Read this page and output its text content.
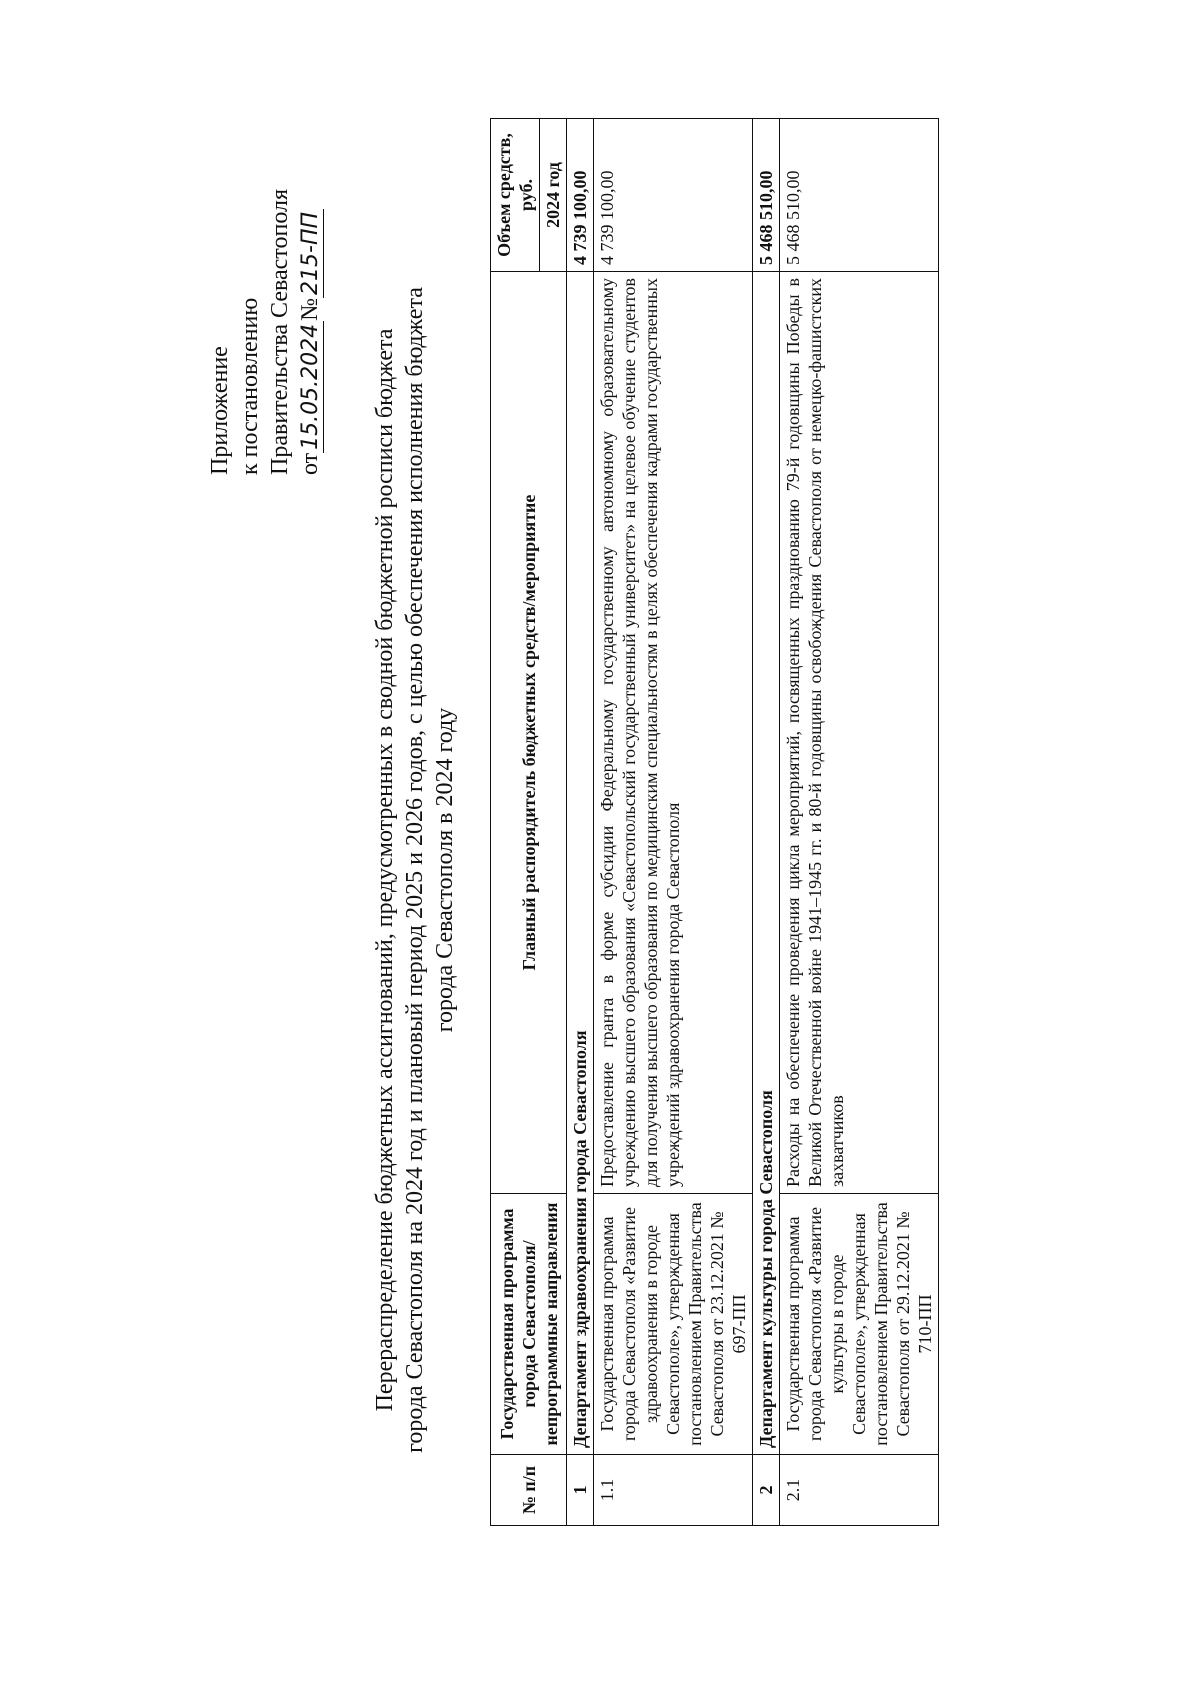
Приложение к постановлению Правительства Севастополя от15.05.2024№215-ПП
Перераспределение бюджетных ассигнований, предусмотренных в сводной бюджетной росписи бюджета города Севастополя на 2024 год и плановый период 2025 и 2026 годов, с целью обеспечения исполнения бюджета города Севастополя в 2024 году
№ п/п	Государственная программа города Севастополя/ непрограммные направления	Главный распорядитель бюджетных средств/мероприятие	Объем средств, руб.
			2024 год
1	Департамент здравоохранения города Севастополя		4 739 100,00
1.1	Государственная программа города Севастополя «Развитие здравоохранения в городе Севастополе», утвержденная постановлением Правительства Севастополя от 23.12.2021 № 697-ПП	Предоставление гранта в форме субсидии Федеральному государственному автономному образовательному учреждению высшего образования «Севастопольский государственный университет» на целевое обучение студентов для получения высшего образования по медицинским специальностям в целях обеспечения кадрами государственных учреждений здравоохранения города Севастополя	4 739 100,00
2	Департамент культуры города Севастополя		5 468 510,00
2.1	Государственная программа города Севастополя «Развитие культуры в городе Севастополе», утвержденная постановлением Правительства Севастополя от 29.12.2021 № 710-ПП	Расходы на обеспечение проведения цикла мероприятий, посвященных празднованию 79-й годовщины Победы в Великой Отечественной войне 1941–1945 гг. и 80-й годовщины освобождения Севастополя от немецко-фашистских захватчиков	5 468 510,00
